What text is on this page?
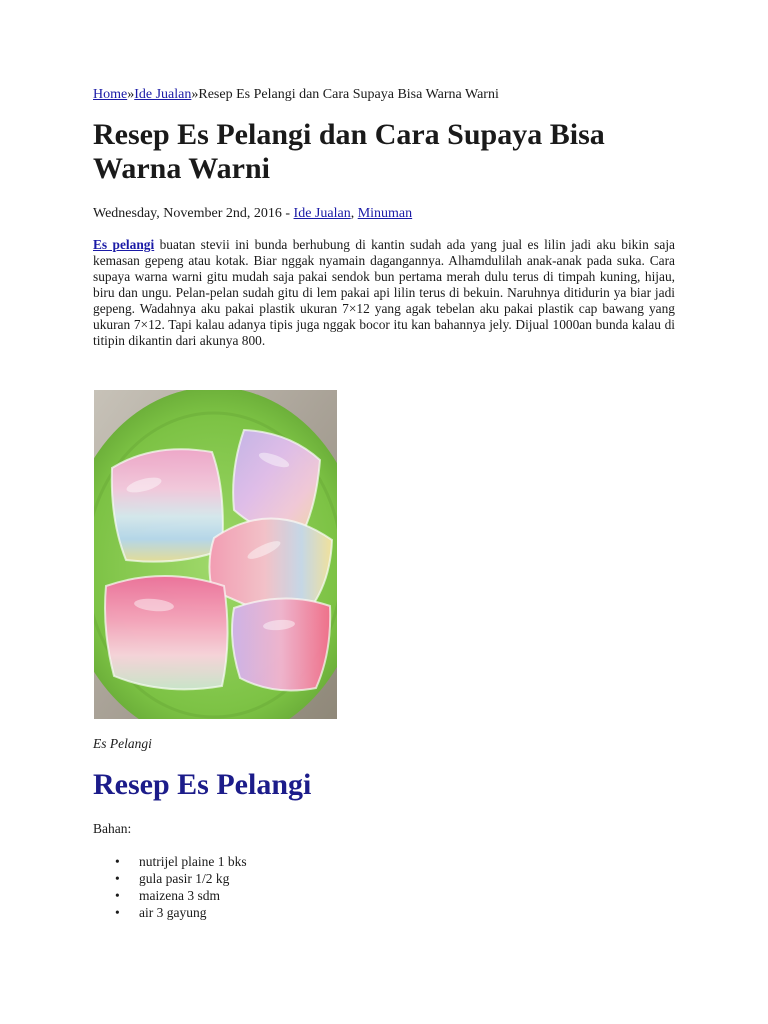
Home»Ide Jualan»Resep Es Pelangi dan Cara Supaya Bisa Warna Warni
Resep Es Pelangi dan Cara Supaya Bisa Warna Warni
Wednesday, November 2nd, 2016 - Ide Jualan, Minuman

Es pelangi buatan stevii ini bunda berhubung di kantin sudah ada yang jual es lilin jadi aku bikin saja kemasan gepeng atau kotak. Biar nggak nyamain dagangannya. Alhamdulilah anak-anak pada suka. Cara supaya warna warni gitu mudah saja pakai sendok bun pertama merah dulu terus di timpah kuning, hijau, biru dan ungu. Pelan-pelan sudah gitu di lem pakai api lilin terus di bekuin. Naruhnya ditidurin ya biar jadi gepeng. Wadahnya aku pakai plastik ukuran 7×12 yang agak tebelan aku pakai plastik cap bawang yang ukuran 7×12. Tapi kalau adanya tipis juga nggak bocor itu kan bahannya jely. Dijual 1000an bunda kalau di titipin dikantin dari akunya 800.

Es Pelangi
Resep Es Pelangi
Bahan:
• nutrijel plaine 1 bks
• gula pasir 1/2 kg
• maizena 3 sdm
• air 3 gayung
